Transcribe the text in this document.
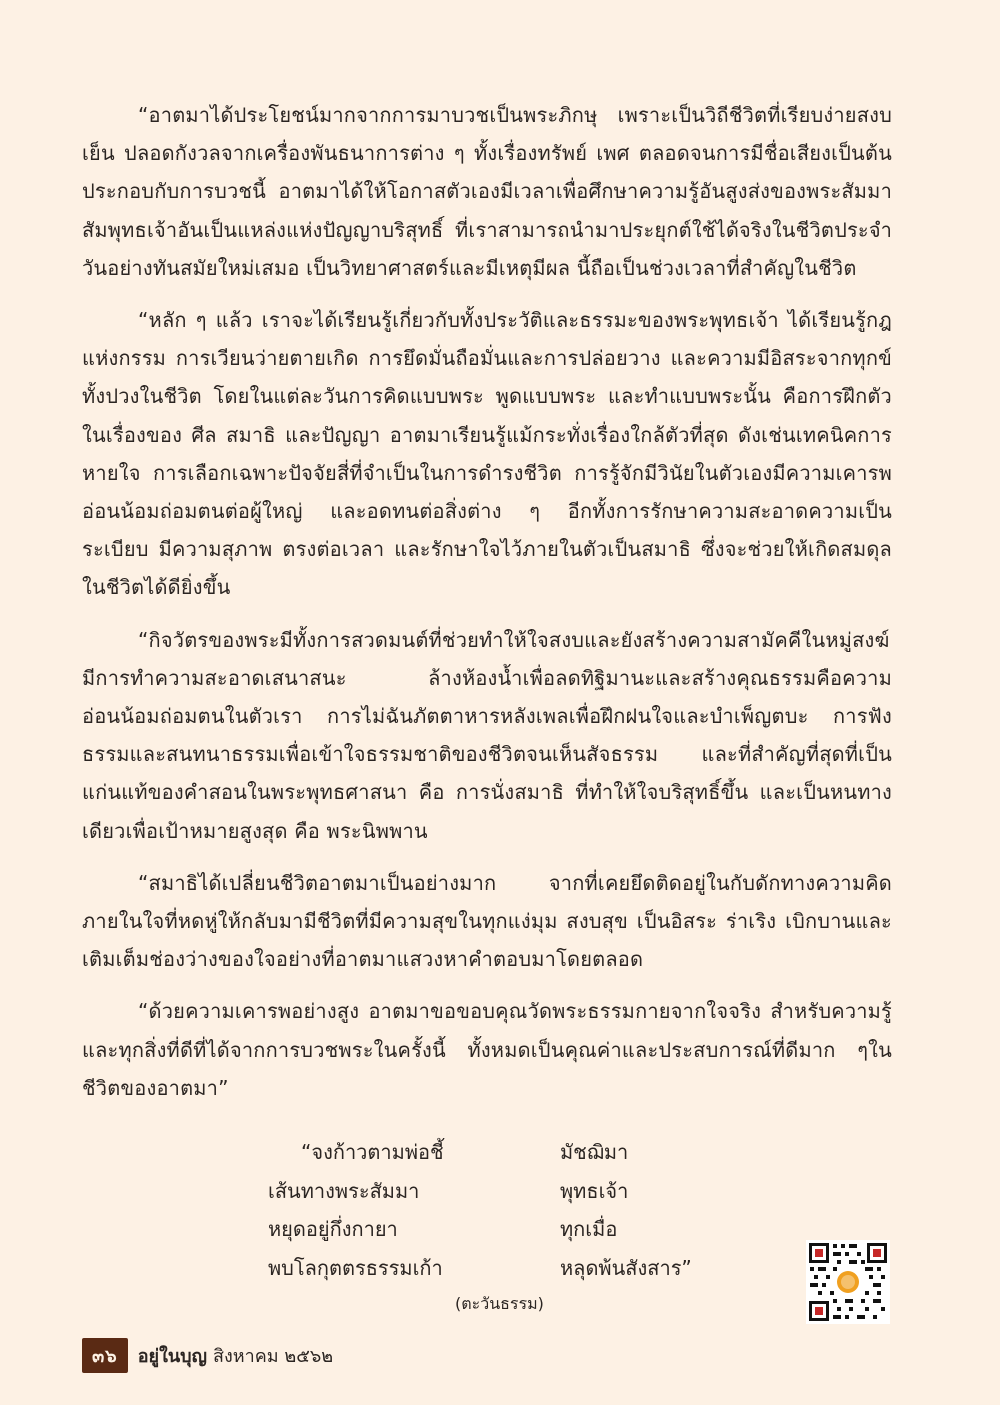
“อาตมาได้ประโยชน์มากจากการมาบวชเป็นพระภิกษุ เพราะเป็นวิถีชีวิตที่เรียบง่ายสงบเย็น ปลอดกังวลจากเครื่องพันธนาการต่าง ๆ ทั้งเรื่องทรัพย์ เพศ ตลอดจนการมีชื่อเสียงเป็นต้น ประกอบกับการบวชนี้ อาตมาได้ให้โอกาสตัวเองมีเวลาเพื่อศึกษาความรู้อันสูงส่งของพระสัมมาสัมพุทธเจ้าอันเป็นแหล่งแห่งปัญญาบริสุทธิ์ ที่เราสามารถนำมาประยุกต์ใช้ได้จริงในชีวิตประจำวันอย่างทันสมัยใหม่เสมอ เป็นวิทยาศาสตร์และมีเหตุมีผล นี้ถือเป็นช่วงเวลาที่สำคัญในชีวิต

“หลัก ๆ แล้ว เราจะได้เรียนรู้เกี่ยวกับทั้งประวัติและธรรมะของพระพุทธเจ้า ได้เรียนรู้กฎแห่งกรรม การเวียนว่ายตายเกิด การยึดมั่นถือมั่นและการปล่อยวาง และความมีอิสระจากทุกข์ทั้งปวงในชีวิต โดยในแต่ละวันการคิดแบบพระ พูดแบบพระ และทำแบบพระนั้น คือการฝึกตัวในเรื่องของ ศีล สมาธิ และปัญญา อาตมาเรียนรู้แม้กระทั่งเรื่องใกล้ตัวที่สุด ดังเช่นเทคนิคการหายใจ การเลือกเฉพาะปัจจัยสี่ที่จำเป็นในการดำรงชีวิต การรู้จักมีวินัยในตัวเองมีความเคารพอ่อนน้อมถ่อมตนต่อผู้ใหญ่ และอดทนต่อสิ่งต่าง ๆ อีกทั้งการรักษาความสะอาดความเป็นระเบียบ มีความสุภาพ ตรงต่อเวลา และรักษาใจไว้ภายในตัวเป็นสมาธิ ซึ่งจะช่วยให้เกิดสมดุลในชีวิตได้ดียิ่งขึ้น

“กิจวัตรของพระมีทั้งการสวดมนต์ที่ช่วยทำให้ใจสงบและยังสร้างความสามัคคีในหมู่สงฆ์มีการทำความสะอาดเสนาสนะ ล้างห้องน้ำเพื่อลดทิฐิมานะและสร้างคุณธรรมคือความอ่อนน้อมถ่อมตนในตัวเรา การไม่ฉันภัตตาหารหลังเพลเพื่อฝึกฝนใจและบำเพ็ญตบะ การฟังธรรมและสนทนาธรรมเพื่อเข้าใจธรรมชาติของชีวิตจนเห็นสัจธรรม และที่สำคัญที่สุดที่เป็นแก่นแท้ของคำสอนในพระพุทธศาสนา คือ การนั่งสมาธิ ที่ทำให้ใจบริสุทธิ์ขึ้น และเป็นหนทางเดียวเพื่อเป้าหมายสูงสุด คือ พระนิพพาน

“สมาธิได้เปลี่ยนชีวิตอาตมาเป็นอย่างมาก จากที่เคยยึดติดอยู่ในกับดักทางความคิดภายในใจที่หดหู่ให้กลับมามีชีวิตที่มีความสุขในทุกแง่มุม สงบสุข เป็นอิสระ ร่าเริง เบิกบานและเติมเต็มช่องว่างของใจอย่างที่อาตมาแสวงหาคำตอบมาโดยตลอด

“ด้วยความเคารพอย่างสูง อาตมาขอขอบคุณวัดพระธรรมกายจากใจจริง สำหรับความรู้และทุกสิ่งที่ดีที่ได้จากการบวชพระในครั้งนี้ ทั้งหมดเป็นคุณค่าและประสบการณ์ที่ดีมาก ๆในชีวิตของอาตมา”

“จงก้าวตามพ่อชี้	มัชฌิมา
เส้นทางพระสัมมา	พุทธเจ้า
หยุดอยู่กึ่งกายา	ทุกเมื่อ
พบโลกุตตรธรรมเก้า	หลุดพ้นสังสาร”
(ตะวันธรรม)
๓๖	อยู่ในบุญ สิงหาคม ๒๕๖๒
